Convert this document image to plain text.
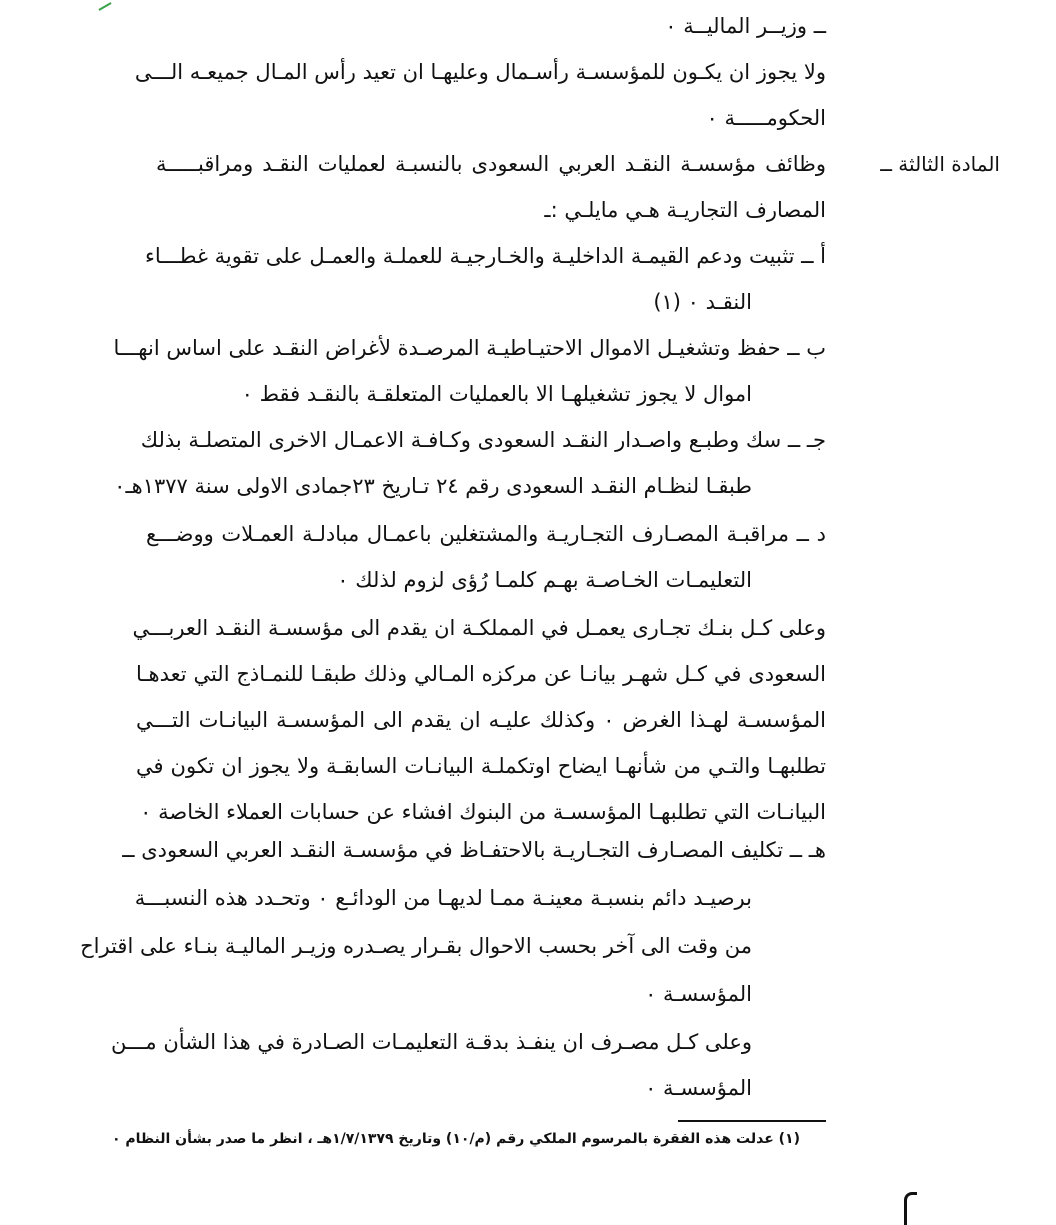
ــ وزيــر الماليــة ٠
ولا يجوز ان يكـون للمؤسسـة رأسـمال وعليهـا ان تعيد رأس المـال جميعـه الـــى
الحكومـــــة ٠
المادة الثالثة ــ
وظائف مؤسسـة النقـد العربي السعودى بالنسبـة لعمليات النقـد ومراقبـــــة
المصارف التجاريـة هـي مايلـي :ـ
أ ــ تثبيت ودعم القيمـة الداخليـة والخـارجيـة للعملـة والعمـل على تقوية غطـــاء
النقـد ٠ (١)
ب ــ حفظ وتشغيـل الاموال الاحتيـاطيـة المرصـدة لأغراض النقـد على اساس انهـــا
اموال لا يجوز تشغيلهـا الا بالعمليات المتعلقـة بالنقـد فقط ٠
جـ ــ سك وطبـع واصـدار النقـد السعودى وكـافـة الاعمـال الاخرى المتصلـة بذلك
طبقـا لنظـام النقـد السعودى رقم ٢٤ تـاريخ ٢٣جمادى الاولى سنة ١٣٧٧هـ٠
د ــ مراقبـة المصـارف التجـاريـة والمشتغلين باعمـال مبادلـة العمـلات ووضـــع
التعليمـات الخـاصـة بهـم كلمـا رُؤى لزوم لذلك ٠
وعلى كـل بنـك تجـارى يعمـل في المملكـة ان يقدم الى مؤسسـة النقـد العربـــي
السعودى في كـل شهـر بيانـا عن مركزه المـالي وذلك طبقـا للنمـاذج التي تعدهـا
المؤسسـة لهـذا الغرض ٠ وكذلك عليـه ان يقدم الى المؤسسـة البيانـات التـــي
تطلبهـا والتـي من شأنهـا ايضاح اوتكملـة البيانـات السابقـة ولا يجوز ان تكون في
البيانـات التي تطلبهـا المؤسسـة من البنوك افشاء عن حسابات العملاء الخاصة ٠
هـ ــ تكليف المصـارف التجـاريـة بالاحتفـاظ في مؤسسـة النقـد العربي السعودى ــ
برصيـد دائم بنسبـة معينـة ممـا لديهـا من الودائـع ٠ وتحـدد هذه النسبـــة
من وقت الى آخر بحسب الاحوال بقـرار يصـدره وزيـر الماليـة بنـاء على اقتراح
المؤسسـة ٠
وعلى كـل مصـرف ان ينفـذ بدقـة التعليمـات الصـادرة في هذا الشأن مـــن
المؤسسـة ٠
(١) عدلت هذه الفقرة بالمرسوم الملكي رقم (م/١٠) وتاريخ ١/٧/١٣٧٩هـ ، انظر ما صدر بشأن النظام ٠
